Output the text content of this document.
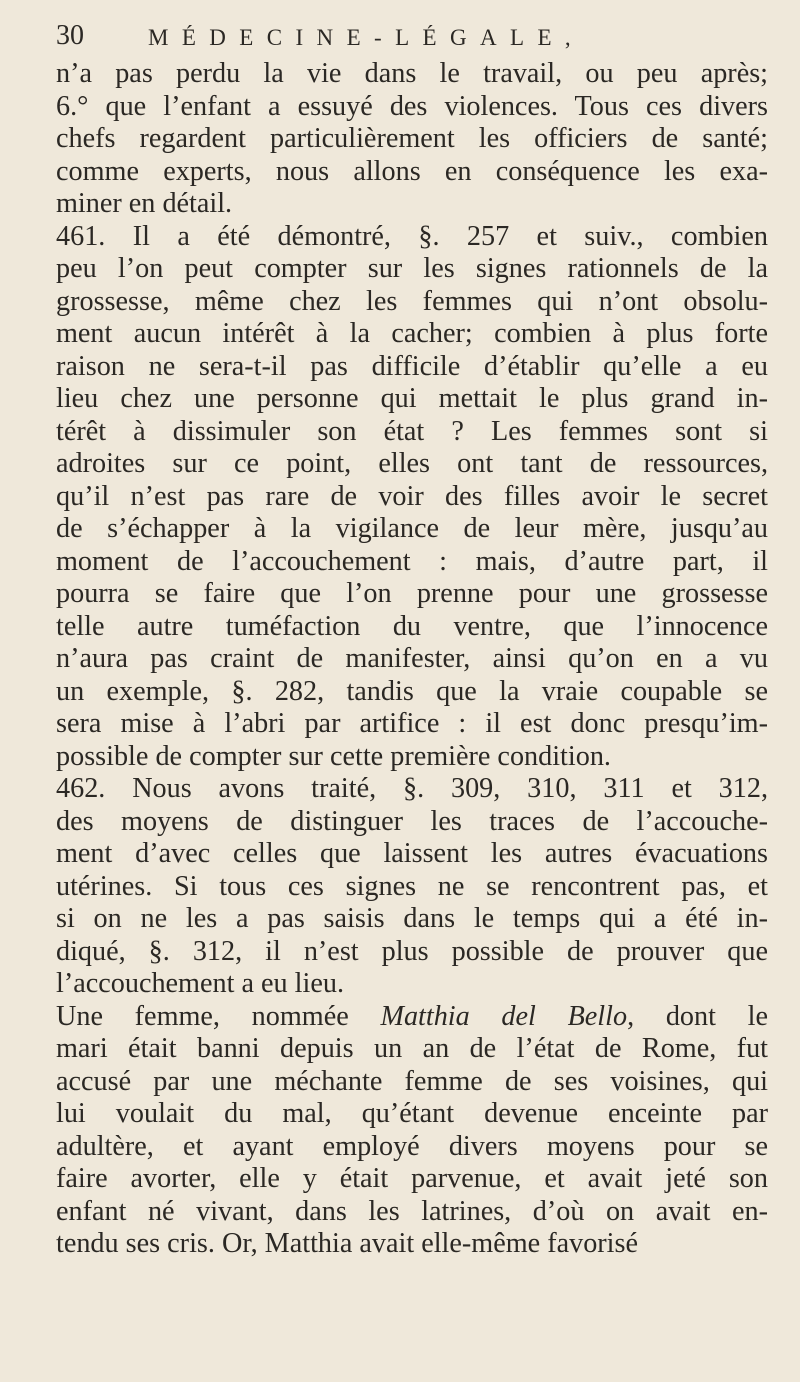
30	MÉDECINE-LÉGALE,
n’a pas perdu la vie dans le travail, ou peu après;
6.° que l’enfant a essuyé des violences. Tous ces divers
chefs regardent particulièrement les officiers de santé;
comme experts, nous allons en conséquence les exa-
miner en détail.
461. Il a été démontré, §. 257 et suiv., combien
peu l’on peut compter sur les signes rationnels de la
grossesse, même chez les femmes qui n’ont obsolu-
ment aucun intérêt à la cacher; combien à plus forte
raison ne sera-t-il pas difficile d’établir qu’elle a eu
lieu chez une personne qui mettait le plus grand in-
térêt à dissimuler son état ? Les femmes sont si
adroites sur ce point, elles ont tant de ressources,
qu’il n’est pas rare de voir des filles avoir le secret
de s’échapper à la vigilance de leur mère, jusqu’au
moment de l’accouchement : mais, d’autre part, il
pourra se faire que l’on prenne pour une grossesse
telle autre tuméfaction du ventre, que l’innocence
n’aura pas craint de manifester, ainsi qu’on en a vu
un exemple, §. 282, tandis que la vraie coupable se
sera mise à l’abri par artifice : il est donc presqu’im-
possible de compter sur cette première condition.
462. Nous avons traité, §. 309, 310, 311 et 312,
des moyens de distinguer les traces de l’accouche-
ment d’avec celles que laissent les autres évacuations
utérines. Si tous ces signes ne se rencontrent pas, et
si on ne les a pas saisis dans le temps qui a été in-
diqué, §. 312, il n’est plus possible de prouver que
l’accouchement a eu lieu.
Une femme, nommée Matthia del Bello, dont le
mari était banni depuis un an de l’état de Rome, fut
accusé par une méchante femme de ses voisines, qui
lui voulait du mal, qu’étant devenue enceinte par
adultère, et ayant employé divers moyens pour se
faire avorter, elle y était parvenue, et avait jeté son
enfant né vivant, dans les latrines, d’où on avait en-
tendu ses cris. Or, Matthia avait elle-même favorisé
